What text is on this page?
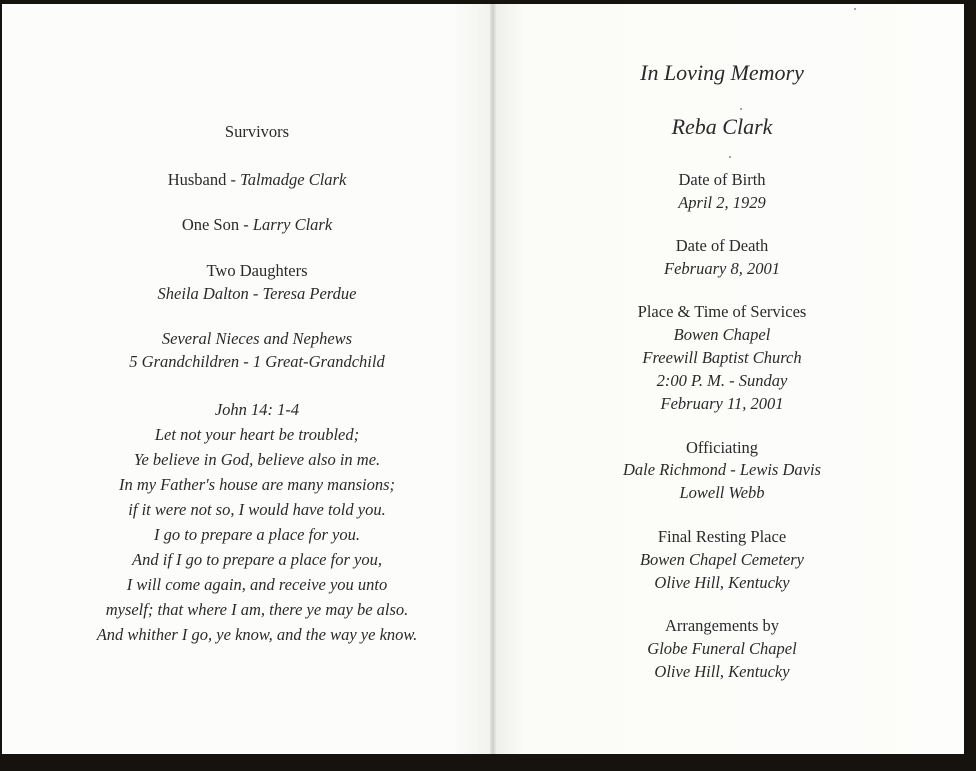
Survivors
Husband - Talmadge Clark
One Son - Larry Clark
Two Daughters
Sheila Dalton - Teresa Perdue
Several Nieces and Nephews
5 Grandchildren - 1 Great-Grandchild
John 14: 1-4
Let not your heart be troubled;
Ye believe in God, believe also in me.
In my Father's house are many mansions;
if it were not so, I would have told you.
I go to prepare a place for you.
And if I go to prepare a place for you,
I will come again, and receive you unto
myself; that where I am, there ye may be also.
And whither I go, ye know, and the way ye know.
In Loving Memory
Reba Clark
Date of Birth
April 2, 1929
Date of Death
February 8, 2001
Place & Time of Services
Bowen Chapel
Freewill Baptist Church
2:00 P. M. - Sunday
February 11, 2001
Officiating
Dale Richmond - Lewis Davis
Lowell Webb
Final Resting Place
Bowen Chapel Cemetery
Olive Hill, Kentucky
Arrangements by
Globe Funeral Chapel
Olive Hill, Kentucky
